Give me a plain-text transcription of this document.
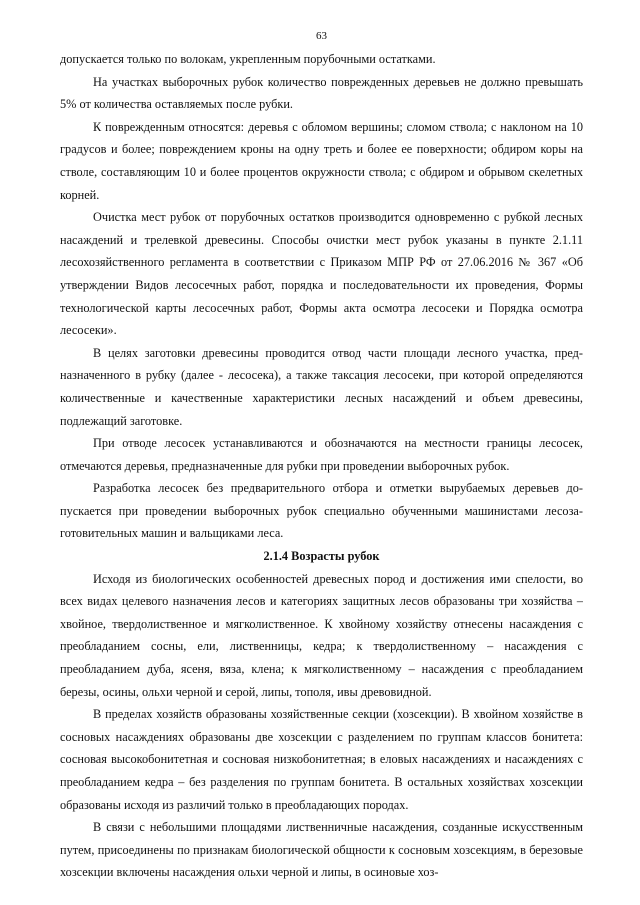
63

допускается только по волокам, укрепленным порубочными остатками.

На участках выборочных рубок количество поврежденных деревьев не должно превышать 5% от количества оставляемых после рубки.

К поврежденным относятся: деревья с обломом вершины; сломом ствола; с наклоном на 10 градусов и более; повреждением кроны на одну треть и более ее поверхности; обдиром коры на стволе, составляющим 10 и более процентов окружности ствола; с обдиром и обрывом скелетных корней.

Очистка мест рубок от порубочных остатков производится одновременно с рубкой лесных насаждений и трелевкой древесины. Способы очистки мест рубок указаны в пункте 2.1.11 лесохозяйственного регламента в соответствии с Приказом МПР РФ от 27.06.2016 № 367 «Об утверждении Видов лесосечных работ, порядка и последовательности их проведения, Формы технологической карты лесосечных работ, Формы акта осмотра лесосеки и Порядка осмотра лесосеки».

В целях заготовки древесины проводится отвод части площади лесного участка, предназначенного в рубку (далее - лесосека), а также таксация лесосеки, при которой определяются количественные и качественные характеристики лесных насаждений и объем древесины, подлежащий заготовке.

При отводе лесосек устанавливаются и обозначаются на местности границы лесосек, отмечаются деревья, предназначенные для рубки при проведении выборочных рубок.

Разработка лесосек без предварительного отбора и отметки вырубаемых деревьев допускается при проведении выборочных рубок специально обученными машинистами лесозаготовительных машин и вальщиками леса.

2.1.4 Возрасты рубок

Исходя из биологических особенностей древесных пород и достижения ими спелости, во всех видах целевого назначения лесов и категориях защитных лесов образованы три хозяйства – хвойное, твердолиственное и мягколиственное. К хвойному хозяйству отнесены насаждения с преобладанием сосны, ели, лиственницы, кедра; к твердолиственному – насаждения с преобладанием дуба, ясеня, вяза, клена; к мягколиственному – насаждения с преобладанием березы, осины, ольхи черной и серой, липы, тополя, ивы древовидной.

В пределах хозяйств образованы хозяйственные секции (хозсекции). В хвойном хозяйстве в сосновых насаждениях образованы две хозсекции с разделением по группам классов бонитета: сосновая высокобонитетная и сосновая низкобонитетная; в еловых насаждениях и насаждениях с преобладанием кедра – без разделения по группам бонитета. В остальных хозяйствах хозсекции образованы исходя из различий только в преобладающих породах.

В связи с небольшими площадями лиственничные насаждения, созданные искусственным путем, присоединены по признакам биологической общности к сосновым хозсекциям, в березовые хозсекции включены насаждения ольхи черной и липы, в осиновые хоз-
